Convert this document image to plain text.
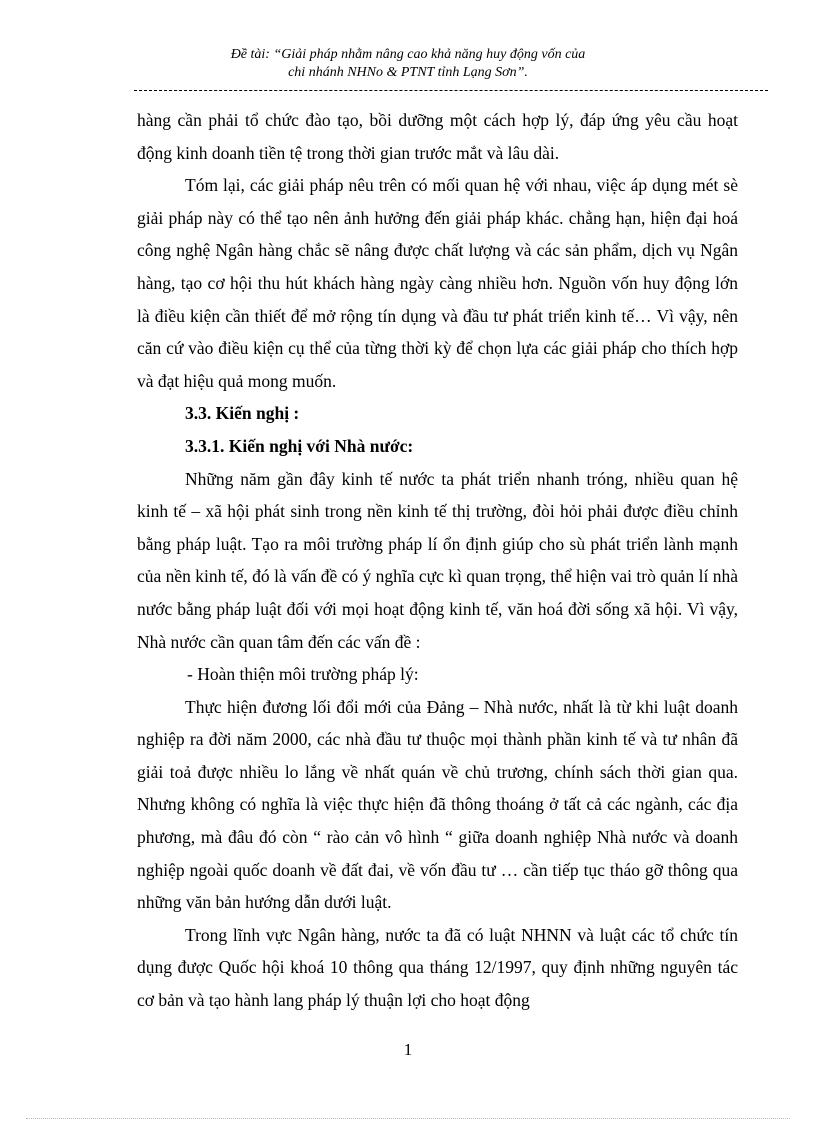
Đề tài: “Giải pháp nhằm nâng cao khả năng huy động vốn của
chi nhánh NHNo & PTNT tỉnh Lạng Sơn”.

hàng cần phải tổ chức đào tạo, bồi dưỡng một cách hợp lý, đáp ứng yêu cầu hoạt động kinh doanh tiền tệ trong thời gian trước mắt và lâu dài.

Tóm lại, các giải pháp nêu trên có mối quan hệ với nhau, việc áp dụng mét sè giải pháp này có thể tạo nên ảnh hưởng đến giải pháp khác. chẳng hạn, hiện đại hoá công nghệ Ngân hàng chắc sẽ nâng được chất lượng và các sản phẩm, dịch vụ Ngân hàng, tạo cơ hội thu hút khách hàng ngày càng nhiều hơn. Nguồn vốn huy động lớn là điều kiện cần thiết để mở rộng tín dụng và đầu tư phát triển kinh tế… Vì vậy, nên căn cứ vào điều kiện cụ thể của từng thời kỳ để chọn lựa các giải pháp cho thích hợp và đạt hiệu quả mong muốn.

3.3. Kiến nghị :

3.3.1. Kiến nghị với Nhà nước:

Những năm gần đây kinh tế nước ta phát triển nhanh tróng, nhiều quan hệ kinh tế – xã hội phát sinh trong nền kinh tế thị trường, đòi hỏi phải được điều chỉnh bằng pháp luật. Tạo ra môi trường pháp lí ổn định giúp cho sù phát triển lành mạnh của nền kinh tế, đó là vấn đề có ý nghĩa cực kì quan trọng, thể hiện vai trò quản lí nhà nước bằng pháp luật đối với mọi hoạt động kinh tế, văn hoá đời sống xã hội. Vì vậy, Nhà nước cần quan tâm đến các vấn đề :

- Hoàn thiện môi trường pháp lý:

Thực hiện đương lối đổi mới của Đảng – Nhà nước, nhất là từ khi luật doanh nghiệp ra đời năm 2000, các nhà đầu tư thuộc mọi thành phần kinh tế và tư nhân đã giải toả được nhiều lo lắng về nhất quán về chủ trương, chính sách thời gian qua. Nhưng không có nghĩa là việc thực hiện đã thông thoáng ở tất cả các ngành, các địa phương, mà đâu đó còn “ rào cản vô hình “ giữa doanh nghiệp Nhà nước và doanh nghiệp ngoài quốc doanh về đất đai, về vốn đầu tư … cần tiếp tục tháo gỡ thông qua những văn bản hướng dẫn dưới luật.

Trong lĩnh vực Ngân hàng, nước ta đã có luật NHNN và luật các tổ chức tín dụng được Quốc hội khoá 10 thông qua tháng 12/1997, quy định những nguyên tác cơ bản và tạo hành lang pháp lý thuận lợi cho hoạt động

1
